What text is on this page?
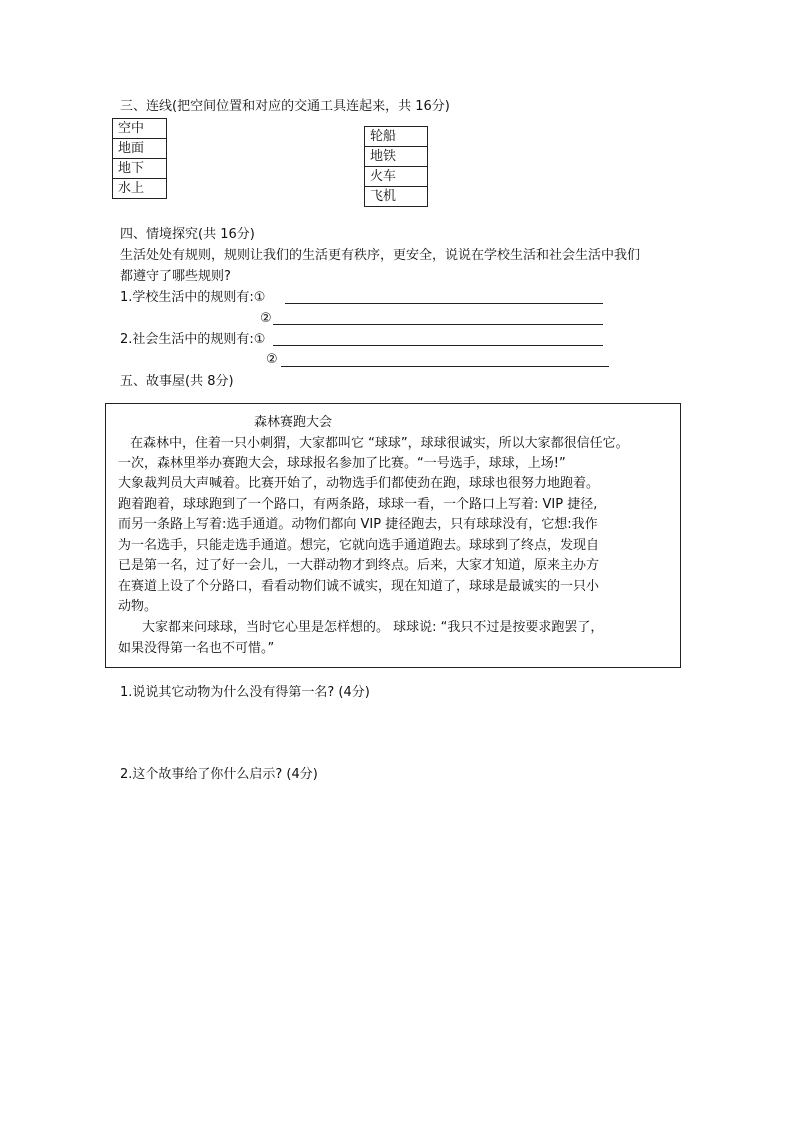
三、连线(把空间位置和对应的交通工具连起来，共 16分)
空中
地面
地下
水上
轮船
地铁
火车
飞机
四、情境探究(共 16分)
生活处处有规则，规则让我们的生活更有秩序，更安全，说说在学校生活和社会生活中我们
都遵守了哪些规则?
1.学校生活中的规则有:①
②
2.社会生活中的规则有:①
②
五、故事屋(共 8分)
森林赛跑大会
在森林中，住着一只小刺猬，大家都叫它 “球球”，球球很诚实，所以大家都很信任它。
一次，森林里举办赛跑大会，球球报名参加了比赛。“一号选手，球球，上场!”
大象裁判员大声喊着。比赛开始了，动物选手们都使劲在跑，球球也很努力地跑着。
跑着跑着，球球跑到了一个路口，有两条路，球球一看，一个路口上写着: VIP 捷径,
而另一条路上写着:选手通道。动物们都向 VIP 捷径跑去，只有球球没有，它想:我作
为一名选手，只能走选手通道。想完，它就向选手通道跑去。球球到了终点，发现自
已是第一名，过了好一会儿，一大群动物才到终点。后来，大家才知道，原来主办方
在赛道上设了个分路口，看看动物们诚不诚实，现在知道了，球球是最诚实的一只小
动物。
大家都来问球球，当时它心里是怎样想的。 球球说: “我只不过是按要求跑罢了，
如果没得第一名也不可惜。”
1.说说其它动物为什么没有得第一名? (4分)
2.这个故事给了你什么启示? (4分)
